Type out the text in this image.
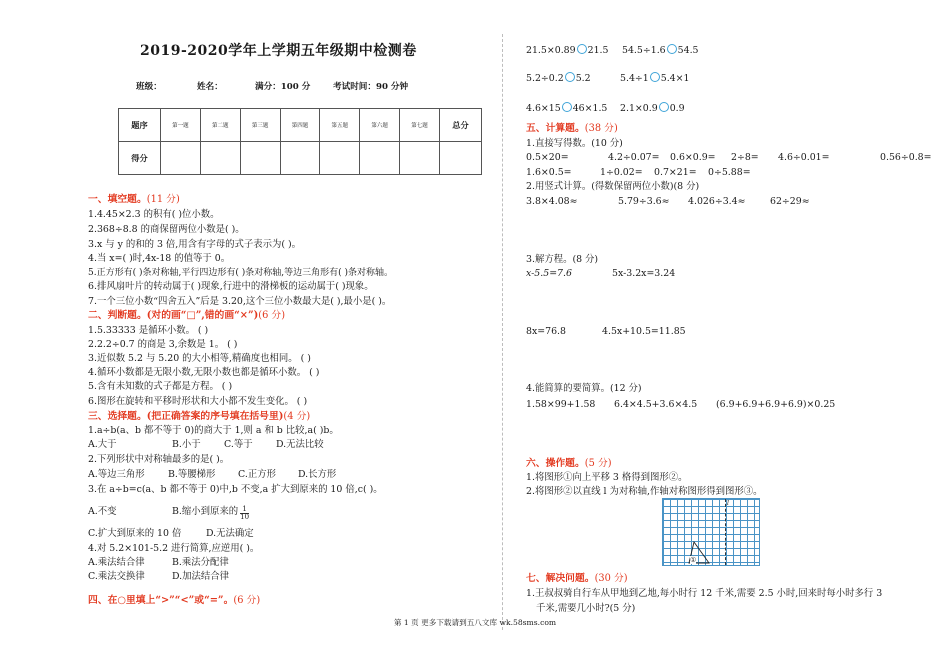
2019-2020学年上学期五年级期中检测卷
班级：	姓名：	满分：100 分	考试时间：90 分钟
题序	第一题	第二题	第三题	第四题	第五题	第六题	第七题	总分
得分								
一、填空题。(11 分)
1.4.45×2.3 的积有( )位小数。
2.368÷8.8 的商保留两位小数是( )。
3.x 与 y 的和的 3 倍,用含有字母的式子表示为( )。
4.当 x=( )时,4x-18 的值等于 0。
5.正方形有( )条对称轴,平行四边形有( )条对称轴,等边三角形有( )条对称轴。
6.排风扇叶片的转动属于( )现象,行进中的滑梯板的运动属于( )现象。
7.一个三位小数“四舍五入”后是 3.20,这个三位小数最大是( ),最小是( )。
二、判断题。(对的画“□”,错的画“×”)(6 分)
1.5.33333 是循环小数。 ( )
2.2.2÷0.7 的商是 3,余数是 1。 ( )
3.近似数 5.2 与 5.20 的大小相等,精确度也相同。 ( )
4.循环小数都是无限小数,无限小数也都是循环小数。 ( )
5.含有未知数的式子都是方程。 ( )
6.图形在旋转和平移时形状和大小都不发生变化。 ( )
三、选择题。(把正确答案的序号填在括号里)(4 分)
1.a÷b(a、b 都不等于 0)的商大于 1,则 a 和 b 比较,a( )b。
A.大于	B.小于 C.等于 D.无法比较
2.下列形状中对称轴最多的是( )。
A.等边三角形 B.等腰梯形 C.正方形 D.长方形
3.在 a÷b=c(a、b 都不等于 0)中,b 不变,a 扩大到原来的 10 倍,c( )。
A.不变	B.缩小到原来的 $\frac{1}{10}$
C.扩大到原来的 10 倍	D.无法确定
4.对 5.2×101-5.2 进行简算,应逆用( )。
A.乘法结合律	B.乘法分配律
C.乘法交换律	D.加法结合律
四、在○里填上“>”“<”或“=”。(6 分)
21.5×0.89 21.5 54.5÷1.6 54.5
5.2÷0.2 5.2	5.4÷1 5.4×1
4.6×15 46×1.5 2.1×0.9 0.9
五、计算题。(38 分)
1.直接写得数。(10 分)
0.5×20=	4.2÷0.07= 0.6×0.9= 2÷8= 4.6÷0.01=	0.56÷0.8=
1.6×0.5=	1÷0.02= 0.7×21= 0÷5.88=
2.用竖式计算。(得数保留两位小数)(8 分)
3.8×4.08≈	5.79÷3.6≈ 4.026÷3.4≈	62÷29≈
3.解方程。(8 分)
x-5.5=7.6	5x-3.2x=3.24
8x=76.8	4.5x+10.5=11.85
4.能简算的要简算。(12 分)
1.58×99+1.58 6.4×4.5+3.6×4.5 (6.9+6.9+6.9+6.9)×0.25
六、操作题。(5 分)
1.将图形①向上平移 3 格得到图形②。
2.将图形②以直线 l 为对称轴,作轴对称图形得到图形③。
l
①
七、解决问题。(30 分)
1.王叔叔骑自行车从甲地到乙地,每小时行 12 千米,需要 2.5 小时,回来时每小时多行 3
千米,需要几小时?(5 分)
第 1 页 更多下载请到五八文库 wk.58sms.com
